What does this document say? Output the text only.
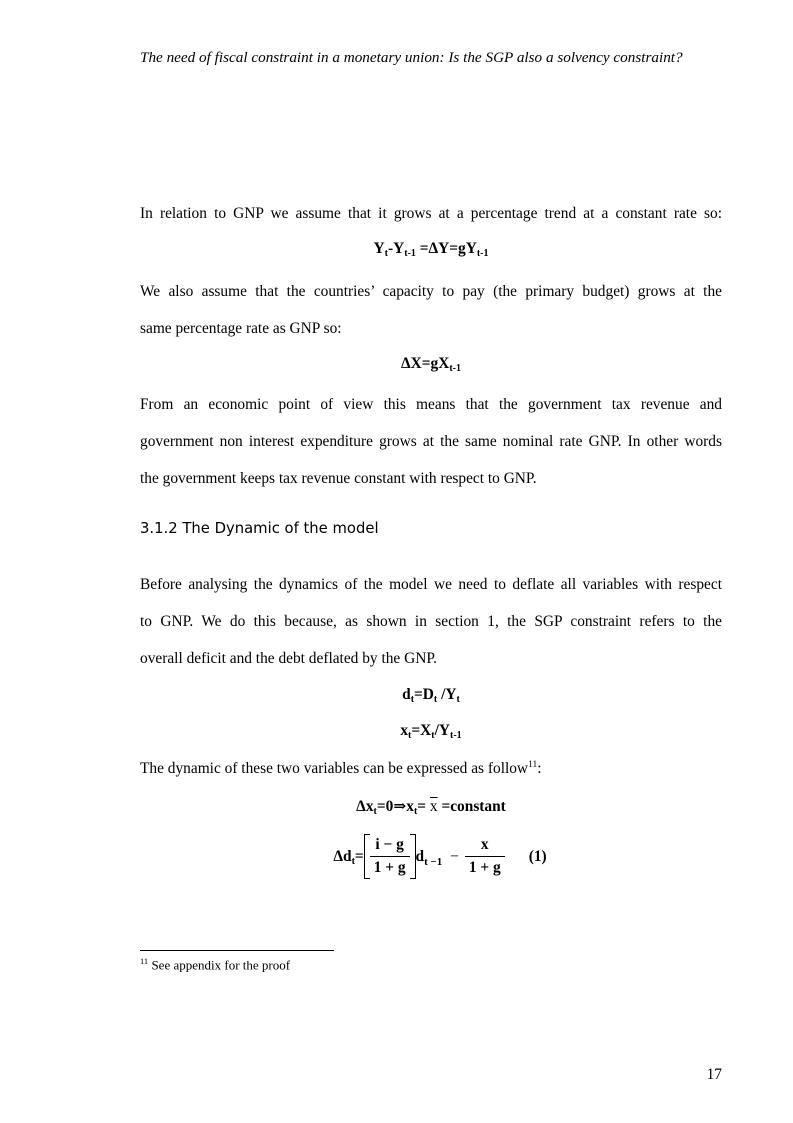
The need of fiscal constraint in a monetary union: Is the SGP also a solvency constraint?
In relation to GNP we assume that it grows at a percentage trend at a constant rate so:
$Y_t-Y_{t-1} =\Delta Y=gY_{t-1}$
We also assume that the countries’ capacity to pay (the primary budget) grows at the
same percentage rate as GNP so:
$\Delta X=gX_{t-1}$
From an economic point of view this means that the government tax revenue and
government non interest expenditure grows at the same nominal rate GNP. In other words
the government keeps tax revenue constant with respect to GNP.
3.1.2 The Dynamic of the model
Before analysing the dynamics of the model we need to deflate all variables with respect
to GNP. We do this because, as shown in section 1, the SGP constraint refers to the
overall deficit and the debt deflated by the GNP.
$d_t=D_t$ $/Y_t$
$x_t=X_t/Y_{t-1}$
The dynamic of these two variables can be expressed as follow$^{11}$:
$\Delta x_t=0\Rightarrow x_t= \overline{x}$ =constant
$\Delta d_t= \frac{i - g}{1 + g} d_{t -1} - \frac{x}{1 + g} (1)$
$^{11}$ See appendix for the proof
17
